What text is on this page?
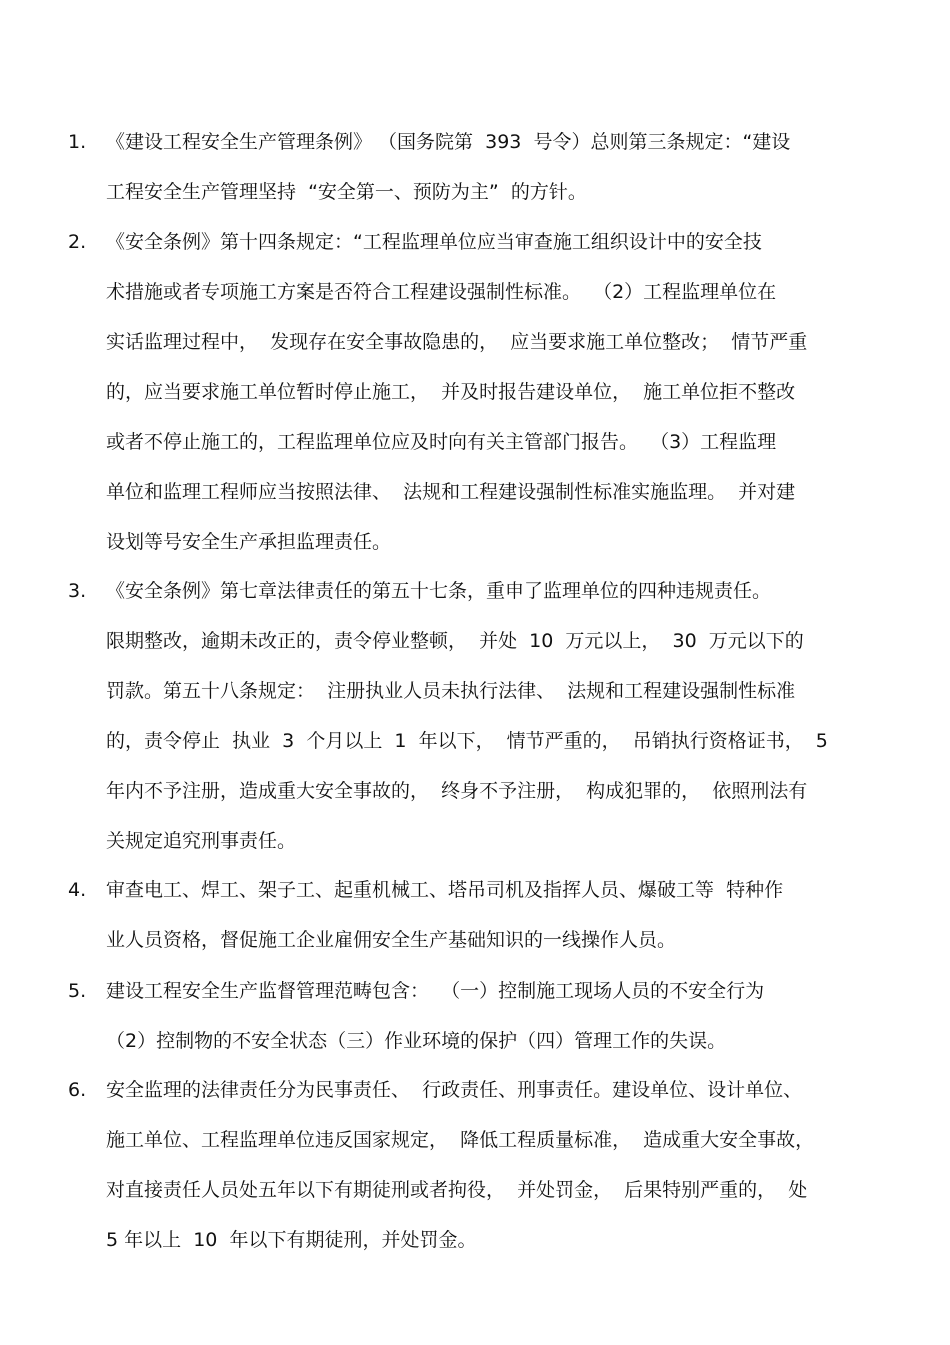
1. 《建设工程安全生产管理条例》 （国务院第  393  号令）总则第三条规定：“建设
工程安全生产管理坚持  “安全第一、预防为主”  的方针。
2. 《安全条例》第十四条规定：“工程监理单位应当审查施工组织设计中的安全技
术措施或者专项施工方案是否符合工程建设强制性标准。  （2）工程监理单位在
实话监理过程中，  发现存在安全事故隐患的，  应当要求施工单位整改；  情节严重
的，应当要求施工单位暂时停止施工，  并及时报告建设单位，  施工单位拒不整改
或者不停止施工的，工程监理单位应及时向有关主管部门报告。  （3）工程监理
单位和监理工程师应当按照法律、  法规和工程建设强制性标准实施监理。  并对建
设划等号安全生产承担监理责任。
3. 《安全条例》第七章法律责任的第五十七条，重申了监理单位的四种违规责任。
限期整改，逾期未改正的，责令停业整顿，  并处  10  万元以上，  30  万元以下的
罚款。第五十八条规定：  注册执业人员未执行法律、  法规和工程建设强制性标准
的，责令停止  执业  3  个月以上  1  年以下，  情节严重的，  吊销执行资格证书，  5
年内不予注册，造成重大安全事故的，  终身不予注册，  构成犯罪的，  依照刑法有
关规定追究刑事责任。
4. 审查电工、焊工、架子工、起重机械工、塔吊司机及指挥人员、爆破工等  特种作
业人员资格，督促施工企业雇佣安全生产基础知识的一线操作人员。
5. 建设工程安全生产监督管理范畴包含：  （一）控制施工现场人员的不安全行为
（2）控制物的不安全状态（三）作业环境的保护（四）管理工作的失误。
6. 安全监理的法律责任分为民事责任、  行政责任、刑事责任。建设单位、设计单位、
施工单位、工程监理单位违反国家规定，  降低工程质量标准，  造成重大安全事故，
对直接责任人员处五年以下有期徒刑或者拘役，  并处罚金，  后果特别严重的，  处
5 年以上  10  年以下有期徒刑，并处罚金。
